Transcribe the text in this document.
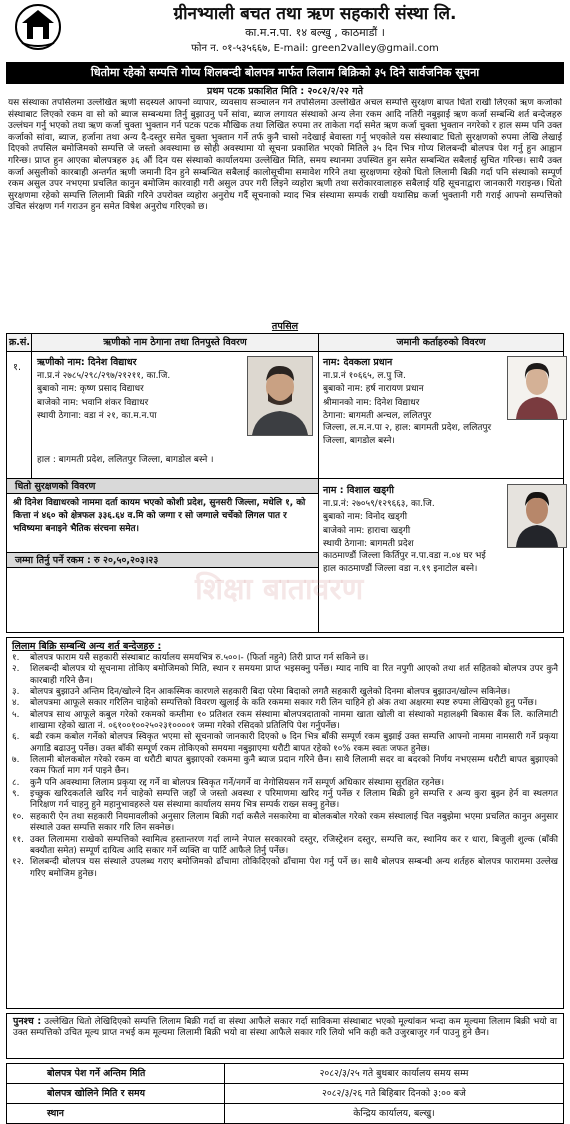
ग्रीनभ्याली बचत तथा ऋण सहकारी संस्था लि.
का.म.न.पा. १४ बल्खु , काठमाडौं ।
फोन न. ०१-५३५६६७, E-mail: green2valley@gmail.com
धितोमा रहेको सम्पत्ति गोप्य शिलबन्दी बोलपत्र मार्फत लिलाम बिक्रिको ३५ दिने सार्वजनिक सूचना
प्रथम पटक प्रकाशित मिति : २०८२/२/२२ गते
यस संस्थाका तपसिलमा उल्लेखित ऋणी सदस्यले आफ्नो व्यापार, व्यवसाय सञ्चालन गर्न तपसिलमा उल्लेखित अचल सम्पत्ति सुरक्षण बापत धितो राखी लिएको ऋण कर्जाको संस्थाबाट लिएको रकम वा सो को ब्याज सम्बन्धमा तिर्नु बुझाउनु पर्ने सांवा, ब्याज लगायत संस्थाको अन्य लेना रकम आदि नतिरी नबुझाई ऋण कर्जा सम्बन्धि शर्त बन्देजहरु उल्लंघन गर्नु भएको तथा ऋण कर्जा चुक्ता भुक्तान गर्न पटक पटक मौखिक तथा लिखित रुपमा तर ताकेता गर्दा समेत ऋण कर्जा चुक्ता भुक्तान नगरेको र हाल सम्म पनि उक्त कर्जाको सांवा, ब्याज, हर्जाना तथा अन्य दै-दस्तुर समेत चुक्ता भुक्तान गर्ने तर्फ कुनै चासो नदेखाई बेवास्ता गर्नु भएकोले यस संस्थाबाट धितो सुरक्षणको रुपमा लेखि लेखाई दिएको तपसिल बमोजिमको सम्पत्ति जे जस्तो अवस्थामा छ सोही अवस्थामा यो सूचना प्रकाशित भएको मितिले ३५ दिन भित्र गोप्य शिलबन्दी बोलपत्र पेश गर्नु हुन आह्वान गरिन्छ। प्राप्त हुन आएका बोलपत्रहरु ३६ औं दिन यस संस्थाको कार्यालयमा उल्लेखित मिति, समय स्थानमा उपस्थित हुन समेत सम्बन्धित सबैलाई सुचित गरिन्छ। साथै उक्त कर्जा असुलीको कारबाही अन्तर्गत ऋणी जमानी दिन हुने सम्बन्धित सबैलाई कालोसूचीमा समावेश गरिने तथा सुरक्षणमा रहेको धितो लिलामी बिक्री गर्दा पनि संस्थाको सम्पूर्ण रकम असुल उपर नभएमा प्रचलित कानुन बमोजिम कारवाही गरी असुल उपर गरी लिइने व्यहोरा ऋणी तथा सरोकारवालाहरु सबैलाई यहि सूचनाद्वारा जानकारी गराइन्छ। धितो सुरक्षणमा रहेको सम्पत्ति लिलामी बिक्री गरिने उपरोक्त व्यहोरा अनुरोध गर्दै सूचनाको म्याद भित्र संस्थामा सम्पर्क राखी यथासिघ्र कर्जा भुक्तानी गरी गराई आफ्नो सम्पत्तिको उचित संरक्षण गर्न गराउन हुन समेत विषेश अनुरोध गरिएको छ।
तपसिल
क्र.सं.	ऋणीको नाम ठेगाना तथा तिनपुस्ते विवरण	जमानी कर्ताहरुको विवरण
१. ऋणीको नाम: दिनेश विद्याधर
ना.प्र.नं २७८५/२९८/२९७/२१२११, का.जि.
बुबाको नाम: कृष्ण प्रसाद विद्याधर
बाजेको नाम: भवानि शंकर विद्याधर
स्थायी ठेगाना: वडा नं २१, का.म.न.पा
हाल : बागमती प्रदेश, ललितपुर जिल्ला, बागडोल बस्ने ।
धितो सुरक्षणको विवरण
श्री दिनेश विद्याधरको नाममा दर्ता कायम भएको कोशी प्रदेश, सुनसरी जिल्ला, मधेलि १, को कित्ता नं ४६० को क्षेत्रफल ३३६.६४ व.मि को जग्गा र सो जग्गाले चर्चेको लिगल पात र भविष्यमा बनाइने भैतिक संरचना समेत।
जम्मा तिर्नु पर्ने रकम : रु २०,५०,२०३।२३
नाम: देवकला प्रधान
ना.प्र.नं १०६६५, ल.पु जि.
बुबाको नाम: हर्ष नारायण प्रधान
श्रीमानको नाम: दिनेश विद्याधर
ठेगाना: बागमती अन्चल, ललितपुर
जिल्ला, ल.म.न.पा २, हाल: बागमती प्रदेश, ललितपुर
जिल्ला, बागडोल बस्ने।
नाम : विशाल खड्गी
ना.प्र.नं: २७०५९/१२९६६३, का.जि.
बुबाको नाम: विनोद खड्गी
बाजेको नाम: हाराचा खड्गी
स्थायी ठेगाना: बागमती प्रदेश
काठमाण्डौं जिल्ला किर्तिपुर न.पा.वडा न.०४ घर भई
हाल काठमाण्डौं जिल्ला वडा न.१९ इनाटोल बस्ने।
शिक्षा बातावरण
लिलाम बिक्रि सम्बन्धि अन्य शर्त बन्देजहरु :
१.	बोलपत्र फाराम यसै सहकारी संस्थाबाट कार्यालय समयभित्र रु.५००।- (फिर्ता नहुने) तिरी प्राप्त गर्न सकिने छ।
२.	शिलबन्दी बोलपत्र यो सूचनामा तोकिए बमोजिमको मिति, स्थान र समयमा प्राप्त भइसक्नु पर्नेछ। म्याद नाघि वा रित नपुगी आएको तथा शर्त सहितको बोलपत्र उपर कुनै कारबाही गरिने छैन।
३.	बोलपत्र बुझाउने अन्तिम दिन/खोल्ने दिन आकस्मिक कारणले सहकारी बिदा परेमा बिदाको लगतै सहकारी खुलेको दिनमा बोलपत्र बुझाउन/खोल्न सकिनेछ।
४.	बोलपत्रमा आफूले सकार गरिलिन चाहेको सम्पत्तिको विवरण खुलाई के कति रकममा सकार गरी लिन चाहिने हो अंक तथा अक्षरमा स्पष्ट रुपमा लेखिएको हुनु पर्नेछ।
५.	बोलपत्र साथ आफूले कबुल गरेको रकमको कम्तीमा १० प्रतिशत रकम संस्थामा बोलपत्रदाताको नाममा खाता खोली वा संस्थाको महालक्ष्मी बिकास बैंक लि. कालिमाटी शाखामा रहेको खाता नं. ०६१००१००२५०२३१००००१ जम्मा गरेको रसिदको प्रतिलिपि पेश गर्नुपर्नेछ।
६.	बढी रकम कबोल गर्नेको बोलपत्र स्विकृत भएमा सो सूचनाको जानकारी दिएको ७ दिन भित्र बाँकी सम्पूर्ण रकम बुझाई उक्त सम्पत्ति आफ्नो नाममा नामसारी गर्ने प्रकृया अगाडि बढाउनु पर्नेछ। उक्त बाँकी सम्पूर्ण रकम तोकिएको समयमा नबुझाएमा धरौटी बापत रहेको १०% रकम स्वतः जफत हुनेछ।
७.	लिलामी बोलकबोल गरेको रकम वा धरौटी बापत बुझाएको रकममा कुनै ब्याज प्रदान गरिने छैन। साथै लिलामी सदर वा बदरको निर्णय नभएसम्म धरौटी बापत बुझाएको रकम फिर्ता माग गर्न पाइने छैन।
८.	कुनै पनि अवस्थामा लिलाम प्रकृया रद्द गर्ने वा बोलपत्र स्विकृत गर्ने/नगर्ने वा नेगोसियसन गर्ने सम्पूर्ण अधिकार संस्थामा सुरक्षित रहनेछ।
९.	इच्छुक खरिदकर्ताले खरिद गर्न चाहेको सम्पत्ति जहाँ जे जस्तो अवस्था र परिमाणमा खरिद गर्नु पर्नेछ र लिलाम बिक्री हुने सम्पत्ति र अन्य कुरा बुझ्न हेर्न वा स्थलगत निरिक्षण गर्न चाहनु हुने महानुभावहरुले यस संस्थामा कार्यालय समय भित्र सम्पर्क राख्न सक्नु हुनेछ।
१०. सहकारी ऐन तथा सहकारी नियमावलीको अनुसार लिलाम बिक्री गर्दा कसैले नसकारेमा वा बोलकबोल गरेको रकम संस्थालाई चित नबुझेमा भएमा प्रचलित कानुन अनुसार संस्थाले उक्त सम्पत्ति सकार गरि लिन सक्नेछ।
११. उक्त लिलाममा राखेको सम्पत्तिको स्वामित्व हस्तान्तरण गर्दा लाग्ने नेपाल सरकारको दस्तुर, रजिस्ट्रेशन दस्तुर, सम्पत्ति कर, स्थानिय कर र धारा, बिजुली शुल्क (बाँकी बक्यौता समेत) सम्पूर्ण दायित्व आदि सकार गर्ने व्यक्ति वा पार्टि आफैले तिर्नु पर्नेछ।
१२. शिलबन्दी बोलपत्र यस संस्थाले उपलब्ध गराए बमोजिमको ढाँचामा तोकिदिएको ढाँचामा पेश गर्नु पर्ने छ। साथै बोलपत्र सम्बन्धी अन्य शर्तहरु बोलपत्र फाराममा उल्लेख गरिए बमोजिम हुनेछ।
पुनश्च : उल्लेखित धितो लेखिदिएको सम्पत्ति लिलाम बिक्री गर्दा वा संस्था आफैले सकार गर्दा साविकमा संस्थाबाट भएको मूल्यांकन भन्दा कम मूल्यमा लिलाम बिक्री भयो वा उक्त सम्पत्तिको उचित मूल्य प्राप्त नभई कम मूल्यमा लिलामी बिक्री भयो वा संस्था आफैले सकार गरि लियो भनि कही कतै उजुरबाजुर गर्न पाउनु हुने छैन।
बोलपत्र पेश गर्ने अन्तिम मिति	२०८२/३/२५ गते बुधबार कार्यालय समय सम्म
बोलपत्र खोलिने मिति र समय	२०८२/३/२६ गते बिहिबार दिनको ३:०० बजे
स्थान	केन्द्रिय कार्यालय, बल्खु।
